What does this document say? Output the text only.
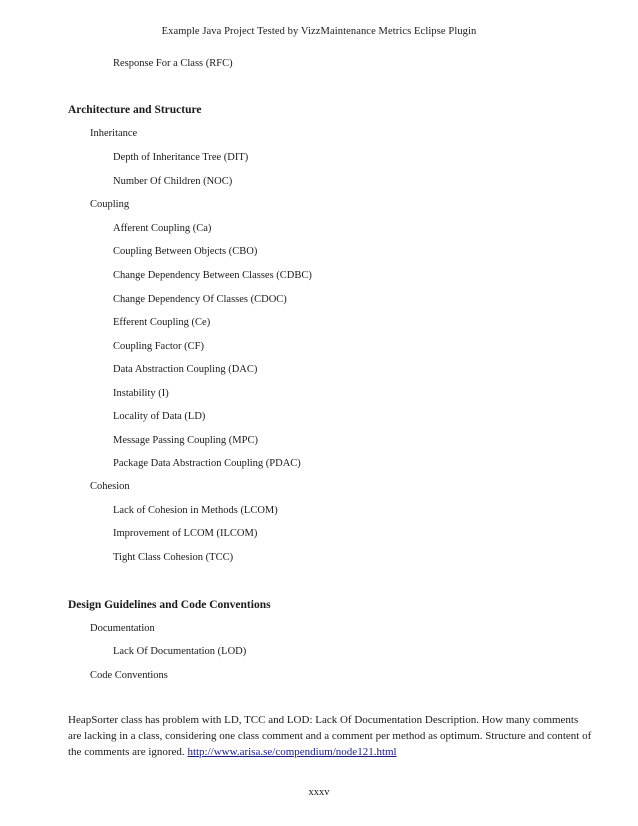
Example Java Project Tested by VizzMaintenance Metrics Eclipse Plugin
Response For a Class (RFC)
Architecture and Structure
Inheritance
Depth of Inheritance Tree (DIT)
Number Of Children (NOC)
Coupling
Afferent Coupling (Ca)
Coupling Between Objects (CBO)
Change Dependency Between Classes (CDBC)
Change Dependency Of Classes (CDOC)
Efferent Coupling (Ce)
Coupling Factor (CF)
Data Abstraction Coupling (DAC)
Instability (I)
Locality of Data (LD)
Message Passing Coupling (MPC)
Package Data Abstraction Coupling (PDAC)
Cohesion
Lack of Cohesion in Methods (LCOM)
Improvement of LCOM (ILCOM)
Tight Class Cohesion (TCC)
Design Guidelines and Code Conventions
Documentation
Lack Of Documentation (LOD)
Code Conventions
HeapSorter class has problem with LD, TCC and LOD: Lack Of Documentation Description. How many comments are lacking in a class, considering one class comment and a comment per method as optimum. Structure and content of the comments are ignored. http://www.arisa.se/compendium/node121.html
xxxv
